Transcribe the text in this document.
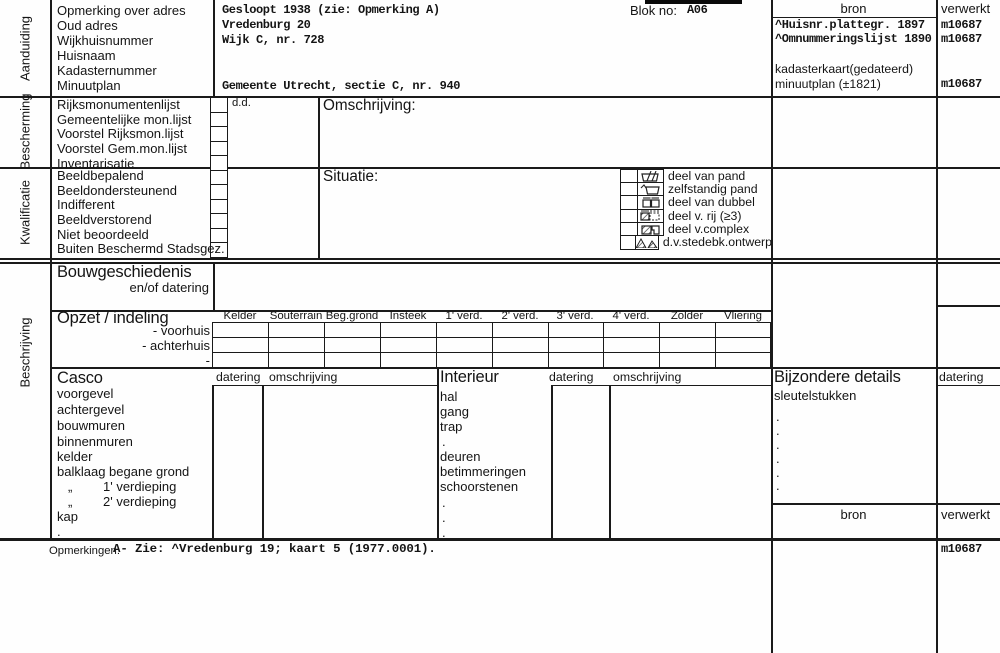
Aanduiding
Bescherming
Kwalificatie
Beschrijving
Opmerking over adres
Oud adres
Wijkhuisnummer
Huisnaam
Kadasternummer
Minuutplan
Gesloopt 1938 (zie: Opmerking A)
Vredenburg 20
Wijk C, nr. 728
Gemeente Utrecht, sectie C, nr. 940
Blok no: A06	bron	verwerkt
^Huisnr.plattegr. 1897 m10687
^Omnummeringslijst 1890 m10687
kadasterkaart(gedateerd)
minuutplan (±1821)	m10687
Rijksmonumentenlijst
Gemeentelijke mon.lijst
Voorstel Rijksmon.lijst
Voorstel Gem.mon.lijst
Inventarisatie
d.d.	Omschrijving:
Beeldbepalend
Beeldondersteunend
Indifferent
Beeldverstorend
Niet beoordeeld
Buiten Beschermd Stadsgez.
Situatie:	deel van pand
zelfstandig pand
deel van dubbel
deel v. rij (≥3)
deel v.complex
d.v.stedebk.ontwerp
Bouwgeschiedenis
en/of datering
Opzet / indeling	Kelder	Souterrain Beg.grond Insteek	1' verd.	2' verd.	3' verd.	4' verd.	Zolder	Vliering
- voorhuis
- achterhuis
-
Casco	datering omschrijving
voorgevel
achtergevel
bouwmuren
binnenmuren
kelder
balklaag begane grond
„ 1' verdieping
„ 2' verdieping
kap
.
Interieur	datering omschrijving
hal
gang
trap
.
deuren
betimmeringen
schoorstenen
.
.
.
Bijzondere details	datering
sleutelstukken
.
.
.
.
.
.
bron	verwerkt
m10687
Opmerkingen:
A- Zie: ^Vredenburg 19; kaart 5 (1977.0001).
